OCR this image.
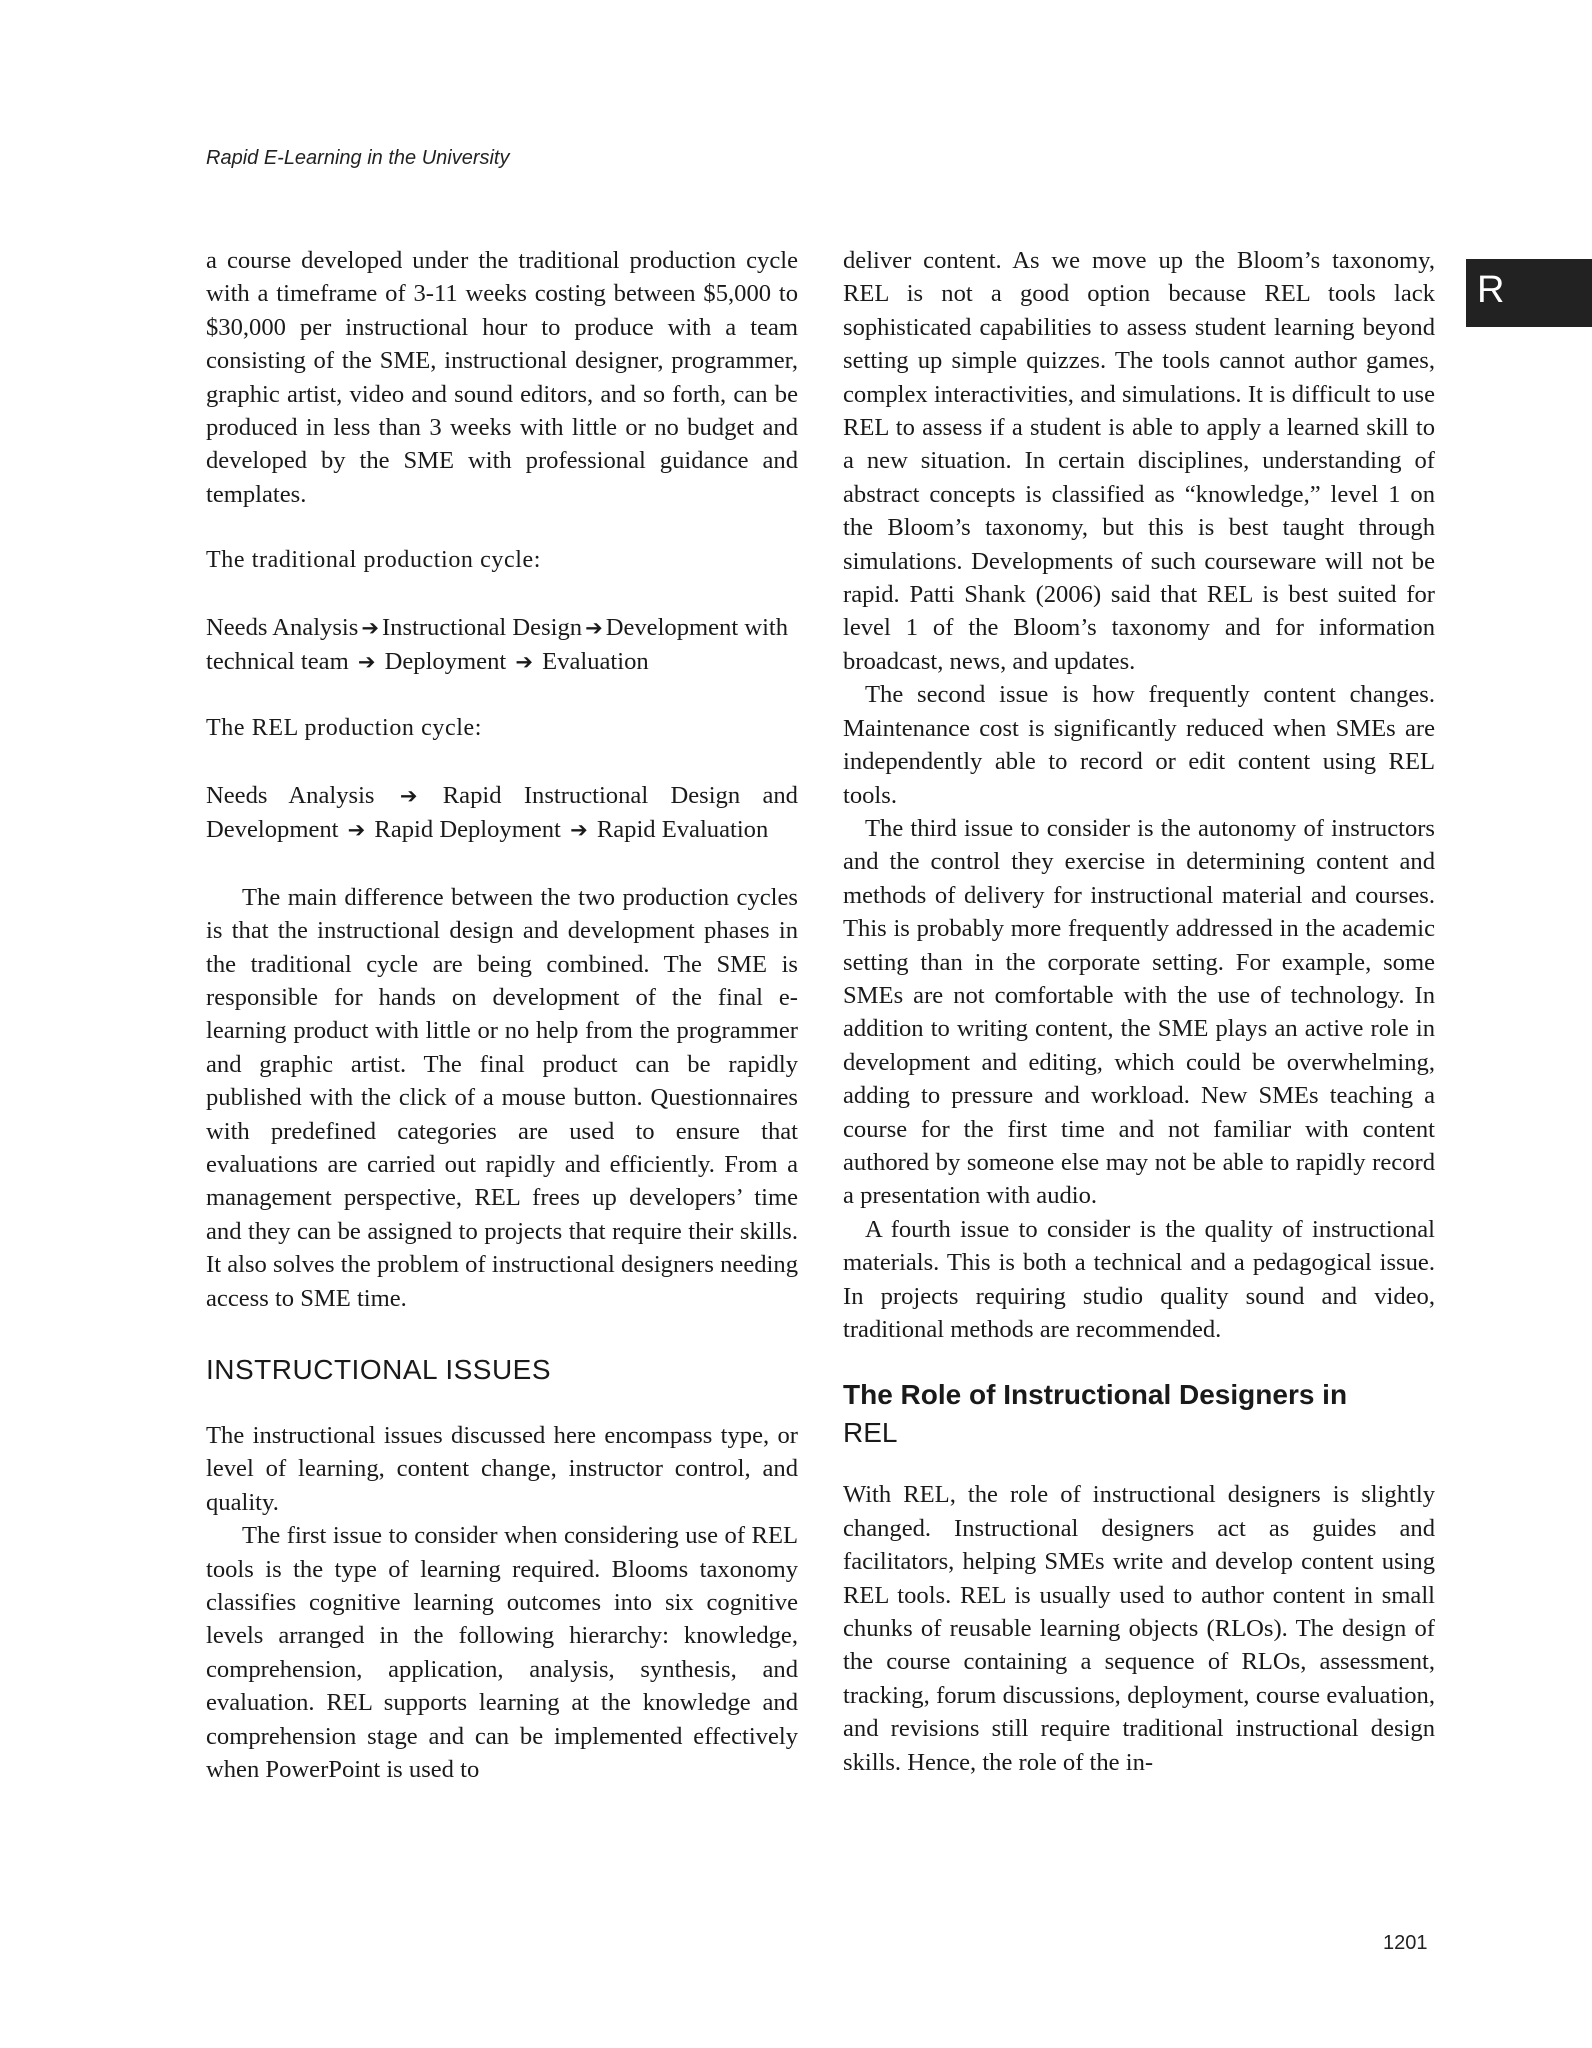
Rapid E-Learning in the University
R

a course developed under the traditional production cycle with a timeframe of 3-11 weeks costing between $5,000 to $30,000 per instructional hour to produce with a team consisting of the SME, instructional designer, programmer, graphic artist, video and sound editors, and so forth, can be produced in less than 3 weeks with little or no budget and developed by the SME with professional guidance and templates.

The traditional production cycle:

Needs Analysis ➔ Instructional Design ➔ Development with technical team ➔ Deployment ➔ Evaluation

The REL production cycle:

Needs Analysis ➔ Rapid Instructional Design and Development ➔ Rapid Deployment ➔ Rapid Evaluation

The main difference between the two production cycles is that the instructional design and development phases in the traditional cycle are being combined. The SME is responsible for hands on development of the final e-learning product with little or no help from the programmer and graphic artist. The final product can be rapidly published with the click of a mouse button. Questionnaires with predefined categories are used to ensure that evaluations are carried out rapidly and efficiently. From a management perspective, REL frees up developers’ time and they can be assigned to projects that require their skills. It also solves the problem of instructional designers needing access to SME time.

INSTRUCTIONAL ISSUES

The instructional issues discussed here encompass type, or level of learning, content change, instructor control, and quality.

The first issue to consider when considering use of REL tools is the type of learning required. Blooms taxonomy classifies cognitive learning outcomes into six cognitive levels arranged in the following hierarchy: knowledge, comprehension, application, analysis, synthesis, and evaluation. REL supports learning at the knowledge and comprehension stage and can be implemented effectively when PowerPoint is used to

deliver content. As we move up the Bloom’s taxonomy, REL is not a good option because REL tools lack sophisticated capabilities to assess student learning beyond setting up simple quizzes. The tools cannot author games, complex interactivities, and simulations. It is difficult to use REL to assess if a student is able to apply a learned skill to a new situation. In certain disciplines, understanding of abstract concepts is classified as “knowledge,” level 1 on the Bloom’s taxonomy, but this is best taught through simulations. Developments of such courseware will not be rapid. Patti Shank (2006) said that REL is best suited for level 1 of the Bloom’s taxonomy and for information broadcast, news, and updates.

The second issue is how frequently content changes. Maintenance cost is significantly reduced when SMEs are independently able to record or edit content using REL tools.

The third issue to consider is the autonomy of instructors and the control they exercise in determining content and methods of delivery for instructional material and courses. This is probably more frequently addressed in the academic setting than in the corporate setting. For example, some SMEs are not comfortable with the use of technology. In addition to writing content, the SME plays an active role in development and editing, which could be overwhelming, adding to pressure and workload. New SMEs teaching a course for the first time and not familiar with content authored by someone else may not be able to rapidly record a presentation with audio.

A fourth issue to consider is the quality of instructional materials. This is both a technical and a pedagogical issue. In projects requiring studio quality sound and video, traditional methods are recommended.

The Role of Instructional Designers in
REL

With REL, the role of instructional designers is slightly changed. Instructional designers act as guides and facilitators, helping SMEs write and develop content using REL tools. REL is usually used to author content in small chunks of reusable learning objects (RLOs). The design of the course containing a sequence of RLOs, assessment, tracking, forum discussions, deployment, course evaluation, and revisions still require traditional instructional design skills. Hence, the role of the in-

1201
